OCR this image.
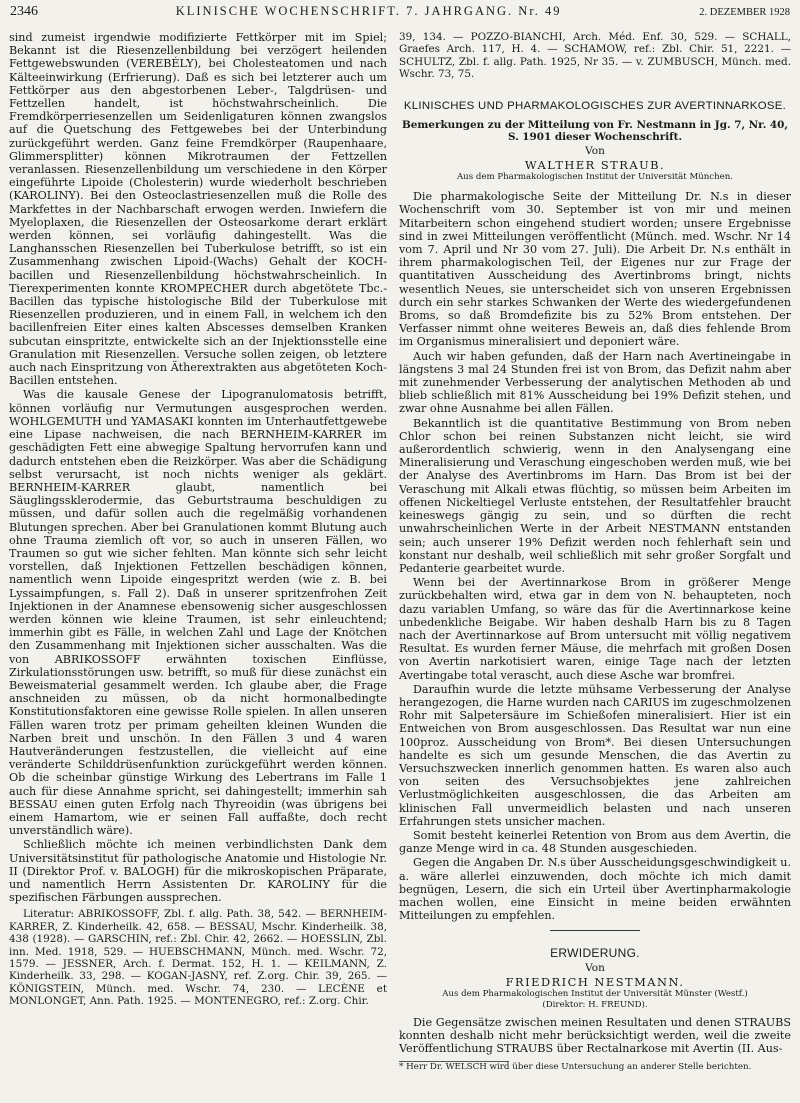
2346	KLINISCHE WOCHENSCHRIFT. 7. JAHRGANG. Nr. 49	2. DEZEMBER 1928

sind zumeist irgendwie modifizierte Fettkörper mit im Spiel; Bekannt ist die Riesenzellenbildung bei verzögert heilenden Fettgewebswunden (VEREBÉLY), bei Cholesteatomen und nach Kälteeinwirkung (Erfrierung). Daß es sich bei letzterer auch um Fettkörper aus den abgestorbenen Leber-, Talgdrüsen- und Fettzellen handelt, ist höchstwahrscheinlich. Die Fremdkörperriesenzellen um Seidenligaturen können zwangslos auf die Quetschung des Fettgewebes bei der Unterbindung zurückgeführt werden. Ganz feine Fremdkörper (Raupenhaare, Glimmersplitter) können Mikrotraumen der Fettzellen veranlassen. Riesenzellenbildung um verschiedene in den Körper eingeführte Lipoide (Cholesterin) wurde wiederholt beschrieben (KAROLINY). Bei den Osteoclastriesenzellen muß die Rolle des Markfettes in der Nachbarschaft erwogen werden. Inwiefern die Myeloplaxen, die Riesenzellen der Osteosarkome derart erklärt werden können, sei vorläufig dahingestellt. Was die Langhansschen Riesenzellen bei Tuberkulose betrifft, so ist ein Zusammenhang zwischen Lipoid-(Wachs) Gehalt der KOCH-bacillen und Riesenzellenbildung höchstwahrscheinlich. In Tierexperimenten konnte KROMPECHER durch abgetötete Tbc.-Bacillen das typische histologische Bild der Tuberkulose mit Riesenzellen produzieren, und in einem Fall, in welchem ich den bacillenfreien Eiter eines kalten Abscesses demselben Kranken subcutan einspritzte, entwickelte sich an der Injektionsstelle eine Granulation mit Riesenzellen. Versuche sollen zeigen, ob letztere auch nach Einspritzung von Ätherextrakten aus abgetöteten Koch-Bacillen entstehen.

Was die kausale Genese der Lipogranulomatosis betrifft, können vorläufig nur Vermutungen ausgesprochen werden. WOHLGEMUTH und YAMASAKI konnten im Unterhautfettgewebe eine Lipase nachweisen, die nach BERNHEIM-KARRER im geschädigten Fett eine abwegige Spaltung hervorrufen kann und dadurch entstehen eben die Reizkörper. Was aber die Schädigung selbst verursacht, ist noch nichts weniger als geklärt. BERNHEIM-KARRER glaubt, namentlich bei Säuglingssklerodermie, das Geburtstrauma beschuldigen zu müssen, und dafür sollen auch die regelmäßig vorhandenen Blutungen sprechen. Aber bei Granulationen kommt Blutung auch ohne Trauma ziemlich oft vor, so auch in unseren Fällen, wo Traumen so gut wie sicher fehlten. Man könnte sich sehr leicht vorstellen, daß Injektionen Fettzellen beschädigen können, namentlich wenn Lipoide eingespritzt werden (wie z. B. bei Lyssaimpfungen, s. Fall 2). Daß in unserer spritzenfrohen Zeit Injektionen in der Anamnese ebensowenig sicher ausgeschlossen werden können wie kleine Traumen, ist sehr einleuchtend; immerhin gibt es Fälle, in welchen Zahl und Lage der Knötchen den Zusammenhang mit Injektionen sicher ausschalten. Was die von ABRIKOSSOFF erwähnten toxischen Einflüsse, Zirkulationsstörungen usw. betrifft, so muß für diese zunächst ein Beweismaterial gesammelt werden. Ich glaube aber, die Frage anschneiden zu müssen, ob da nicht hormonalbedingte Konstitutionsfaktoren eine gewisse Rolle spielen. In allen unseren Fällen waren trotz per primam geheilten kleinen Wunden die Narben breit und unschön. In den Fällen 3 und 4 waren Hautveränderungen festzustellen, die vielleicht auf eine veränderte Schilddrüsenfunktion zurückgeführt werden können. Ob die scheinbar günstige Wirkung des Lebertrans im Falle 1 auch für diese Annahme spricht, sei dahingestellt; immerhin sah BESSAU einen guten Erfolg nach Thyreoidin (was übrigens bei einem Hamartom, wie er seinen Fall auffaßte, doch recht unverständlich wäre).

Schließlich möchte ich meinen verbindlichsten Dank dem Universitätsinstitut für pathologische Anatomie und Histologie Nr. II (Direktor Prof. v. BALOGH) für die mikroskopischen Präparate, und namentlich Herrn Assistenten Dr. KAROLINY für die spezifischen Färbungen aussprechen.

Literatur: ABRIKOSSOFF, Zbl. f. allg. Path. 38, 542. — BERNHEIM-KARRER, Z. Kinderheilk. 42, 658. — BESSAU, Mschr. Kinderheilk. 38, 438 (1928). — GARSCHIN, ref.: Zbl. Chir. 42, 2662. — HOESSLIN, Zbl. inn. Med. 1918, 529. — HUEBSCHMANN, Münch. med. Wschr. 72, 1579. — JESSNER, Arch. f. Dermat. 152, H. 1. — KEILMANN, Z. Kinderheilk. 33, 298. — KOGAN-JASNY, ref. Z.org. Chir. 39, 265. — KÖNIGSTEIN, Münch. med. Wschr. 74, 230. — LECÈNE et MONLONGET, Ann. Path. 1925. — MONTENEGRO, ref.: Z.org. Chir.

39, 134. — POZZO-BIANCHI, Arch. Méd. Enf. 30, 529. — SCHALL, Graefes Arch. 117, H. 4. — SCHAMOW, ref.: Zbl. Chir. 51, 2221. — SCHULTZ, Zbl. f. allg. Path. 1925, Nr 35. — v. ZUMBUSCH, Münch. med. Wschr. 73, 75.

KLINISCHES UND PHARMAKOLOGISCHES ZUR AVERTINNARKOSE.
Bemerkungen zu der Mitteilung von Fr. Nestmann in Jg. 7, Nr. 40, S. 1901 dieser Wochenschrift.
Von
WALTHER STRAUB.
Aus dem Pharmakologischen Institut der Universität München.

Die pharmakologische Seite der Mitteilung Dr. N.s in dieser Wochenschrift vom 30. September ist von mir und meinen Mitarbeitern schon eingehend studiert worden; unsere Ergebnisse sind in zwei Mitteilungen veröffentlicht (Münch. med. Wschr. Nr 14 vom 7. April und Nr 30 vom 27. Juli). Die Arbeit Dr. N.s enthält in ihrem pharmakologischen Teil, der Eigenes nur zur Frage der quantitativen Ausscheidung des Avertinbroms bringt, nichts wesentlich Neues, sie unterscheidet sich von unseren Ergebnissen durch ein sehr starkes Schwanken der Werte des wiedergefundenen Broms, so daß Bromdefizite bis zu 52% Brom entstehen. Der Verfasser nimmt ohne weiteres Beweis an, daß dies fehlende Brom im Organismus mineralisiert und deponiert wäre.

Auch wir haben gefunden, daß der Harn nach Avertineingabe in längstens 3 mal 24 Stunden frei ist von Brom, das Defizit nahm aber mit zunehmender Verbesserung der analytischen Methoden ab und blieb schließlich mit 81% Ausscheidung bei 19% Defizit stehen, und zwar ohne Ausnahme bei allen Fällen.

Bekanntlich ist die quantitative Bestimmung von Brom neben Chlor schon bei reinen Substanzen nicht leicht, sie wird außerordentlich schwierig, wenn in den Analysengang eine Mineralisierung und Veraschung eingeschoben werden muß, wie bei der Analyse des Avertinbroms im Harn. Das Brom ist bei der Veraschung mit Alkali etwas flüchtig, so müssen beim Arbeiten im offenen Nickeltiegel Verluste entstehen, der Resultatfehler braucht keineswegs gängig zu sein, und so dürften die recht unwahrscheinlichen Werte in der Arbeit NESTMANN entstanden sein; auch unserer 19% Defizit werden noch fehlerhaft sein und konstant nur deshalb, weil schließlich mit sehr großer Sorgfalt und Pedanterie gearbeitet wurde.

Wenn bei der Avertinnarkose Brom in größerer Menge zurückbehalten wird, etwa gar in dem von N. behaupteten, noch dazu variablen Umfang, so wäre das für die Avertinnarkose keine unbedenkliche Beigabe. Wir haben deshalb Harn bis zu 8 Tagen nach der Avertinnarkose auf Brom untersucht mit völlig negativem Resultat. Es wurden ferner Mäuse, die mehrfach mit großen Dosen von Avertin narkotisiert waren, einige Tage nach der letzten Avertingabe total verascht, auch diese Asche war bromfrei.

Daraufhin wurde die letzte mühsame Verbesserung der Analyse herangezogen, die Harne wurden nach CARIUS im zugeschmolzenen Rohr mit Salpetersäure im Schießofen mineralisiert. Hier ist ein Entweichen von Brom ausgeschlossen. Das Resultat war nun eine 100proz. Ausscheidung von Brom*. Bei diesen Untersuchungen handelte es sich um gesunde Menschen, die das Avertin zu Versuchszwecken innerlich genommen hatten. Es waren also auch von seiten des Versuchsobjektes jene zahlreichen Verlustmöglichkeiten ausgeschlossen, die das Arbeiten am klinischen Fall unvermeidlich belasten und nach unseren Erfahrungen stets unsicher machen.

Somit besteht keinerlei Retention von Brom aus dem Avertin, die ganze Menge wird in ca. 48 Stunden ausgeschieden.

Gegen die Angaben Dr. N.s über Ausscheidungsgeschwindigkeit u. a. wäre allerlei einzuwenden, doch möchte ich mich damit begnügen, Lesern, die sich ein Urteil über Avertinpharmakologie machen wollen, eine Einsicht in meine beiden erwähnten Mitteilungen zu empfehlen.

ERWIDERUNG.
Von
FRIEDRICH NESTMANN.
Aus dem Pharmakologischen Institut der Universität Münster (Westf.)
(Direktor: H. FREUND).

Die Gegensätze zwischen meinen Resultaten und denen STRAUBS konnten deshalb nicht mehr berücksichtigt werden, weil die zweite Veröffentlichung STRAUBS über Rectalnarkose mit Avertin (II. Aus-

* Herr Dr. WELSCH wird über diese Untersuchung an anderer Stelle berichten.
